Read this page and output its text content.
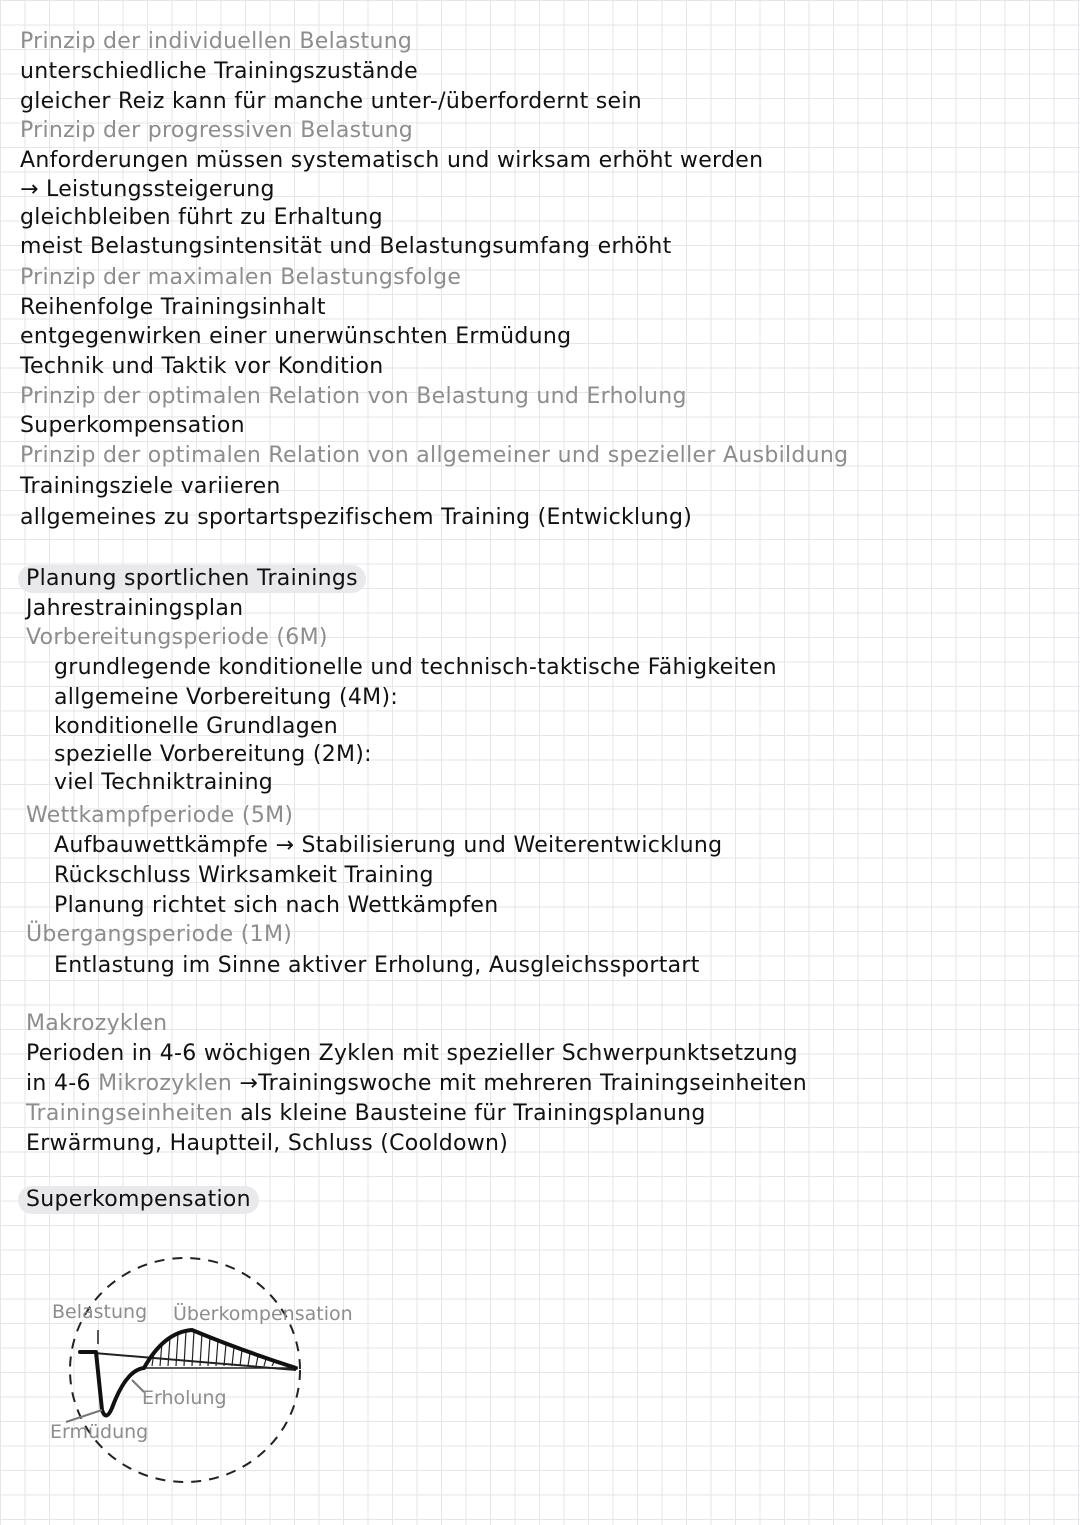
Prinzip der individuellen Belastung
unterschiedliche Trainingszustände
gleicher Reiz kann für manche unter-/überfordernt sein
Prinzip der progressiven Belastung
Anforderungen müssen systematisch und wirksam erhöht werden
→ Leistungssteigerung
gleichbleiben führt zu Erhaltung
meist Belastungsintensität und Belastungsumfang erhöht
Prinzip der maximalen Belastungsfolge
Reihenfolge Trainingsinhalt
entgegenwirken einer unerwünschten Ermüdung
Technik und Taktik vor Kondition
Prinzip der optimalen Relation von Belastung und Erholung
Superkompensation
Prinzip der optimalen Relation von allgemeiner und spezieller Ausbildung
Trainingsziele variieren
allgemeines zu sportartspezifischem Training (Entwicklung)
Planung sportlichen Trainings
Jahrestrainingsplan
Vorbereitungsperiode (6M)
grundlegende konditionelle und technisch-taktische Fähigkeiten
allgemeine Vorbereitung (4M):
konditionelle Grundlagen
spezielle Vorbereitung (2M):
viel Techniktraining
Wettkampfperiode (5M)
Aufbauwettkämpfe → Stabilisierung und Weiterentwicklung
Rückschluss Wirksamkeit Training
Planung richtet sich nach Wettkämpfen
Übergangsperiode (1M)
Entlastung im Sinne aktiver Erholung, Ausgleichssportart
Makrozyklen
Perioden in 4-6 wöchigen Zyklen mit spezieller Schwerpunktsetzung
in 4-6 Mikrozyklen →Trainingswoche mit mehreren Trainingseinheiten
Trainingseinheiten als kleine Bausteine für Trainingsplanung
Erwärmung, Hauptteil, Schluss (Cooldown)
Superkompensation
Belastung Überkompensation
Erholung
Ermüdung
